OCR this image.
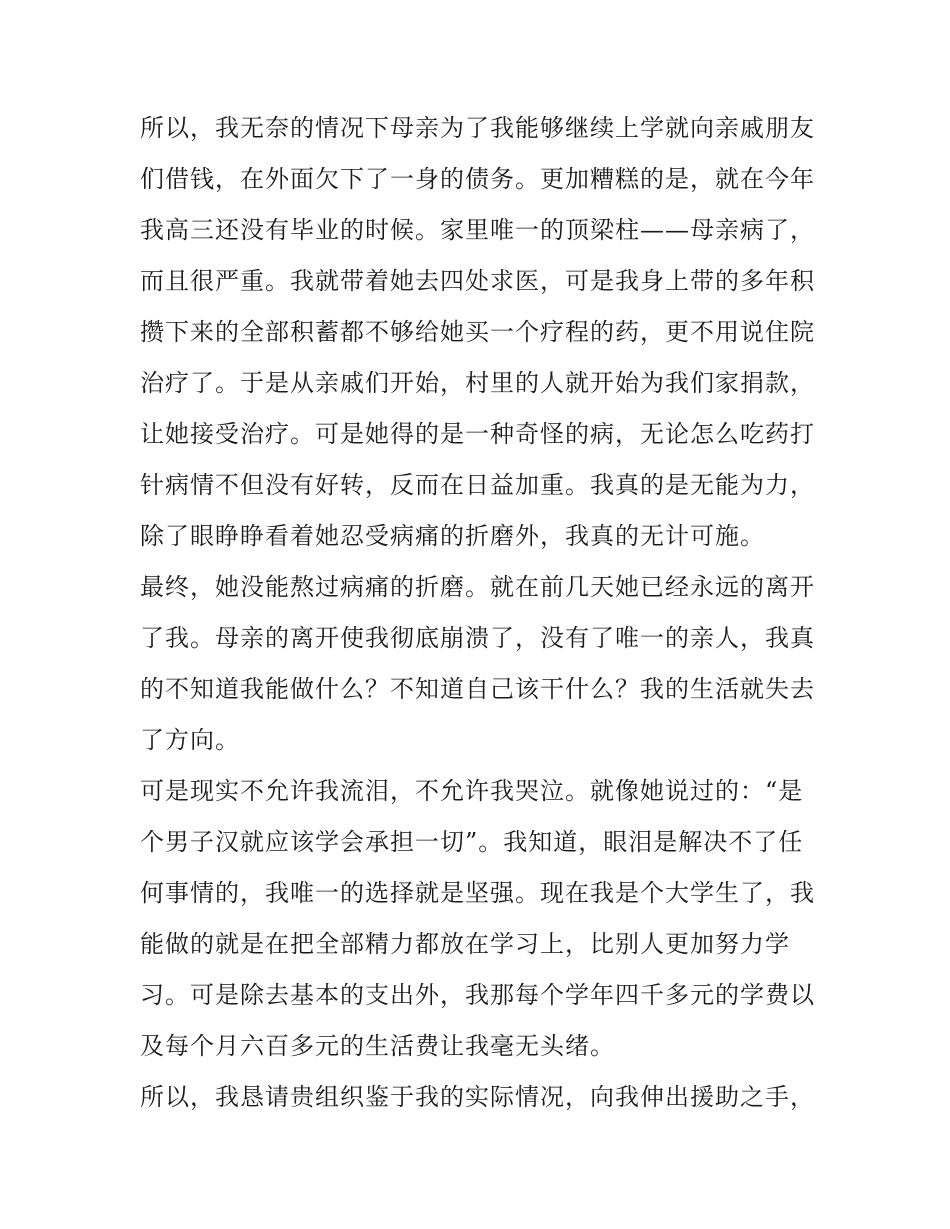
所以，我无奈的情况下母亲为了我能够继续上学就向亲戚朋友
们借钱，在外面欠下了一身的债务。更加糟糕的是，就在今年
我高三还没有毕业的时候。家里唯一的顶梁柱——母亲病了，
而且很严重。我就带着她去四处求医，可是我身上带的多年积
攒下来的全部积蓄都不够给她买一个疗程的药，更不用说住院
治疗了。于是从亲戚们开始，村里的人就开始为我们家捐款，
让她接受治疗。可是她得的是一种奇怪的病，无论怎么吃药打
针病情不但没有好转，反而在日益加重。我真的是无能为力，
除了眼睁睁看着她忍受病痛的折磨外，我真的无计可施。
最终，她没能熬过病痛的折磨。就在前几天她已经永远的离开
了我。母亲的离开使我彻底崩溃了，没有了唯一的亲人，我真
的不知道我能做什么？不知道自己该干什么？我的生活就失去
了方向。
可是现实不允许我流泪，不允许我哭泣。就像她说过的：“是
个男子汉就应该学会承担一切”。我知道，眼泪是解决不了任
何事情的，我唯一的选择就是坚强。现在我是个大学生了，我
能做的就是在把全部精力都放在学习上，比别人更加努力学
习。可是除去基本的支出外，我那每个学年四千多元的学费以
及每个月六百多元的生活费让我毫无头绪。
所以，我恳请贵组织鉴于我的实际情况，向我伸出援助之手，
